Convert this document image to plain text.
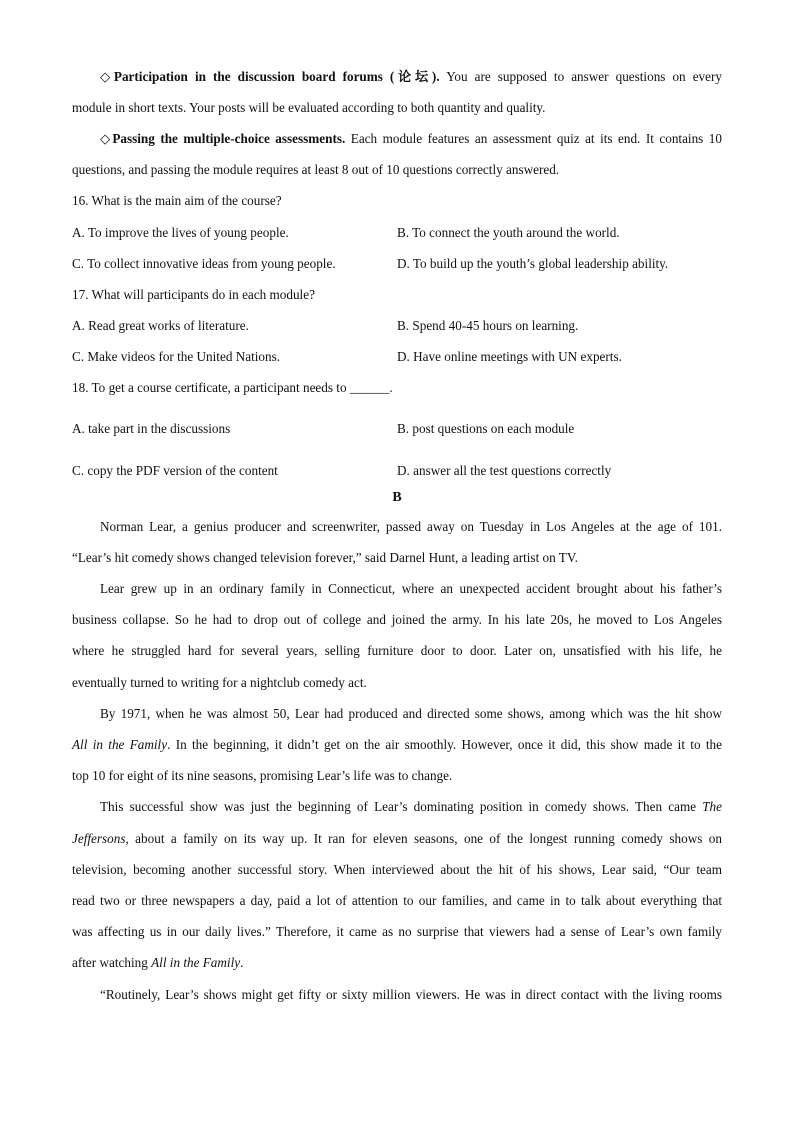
◇Participation in the discussion board forums (论坛). You are supposed to answer questions on every
module in short texts. Your posts will be evaluated according to both quantity and quality.
◇Passing the multiple-choice assessments. Each module features an assessment quiz at its end. It contains 10
questions, and passing the module requires at least 8 out of 10 questions correctly answered.
16. What is the main aim of the course?
A. To improve the lives of young people.	B. To connect the youth around the world.
C. To collect innovative ideas from young people.	D. To build up the youth’s global leadership ability.
17. What will participants do in each module?
A. Read great works of literature.	B. Spend 40-45 hours on learning.
C. Make videos for the United Nations.	D. Have online meetings with UN experts.
18. To get a course certificate, a participant needs to ______.
A. take part in the discussions	B. post questions on each module
C. copy the PDF version of the content	D. answer all the test questions correctly
B
Norman Lear, a genius producer and screenwriter, passed away on Tuesday in Los Angeles at the age of 101.
“Lear’s hit comedy shows changed television forever,” said Darnel Hunt, a leading artist on TV.
Lear grew up in an ordinary family in Connecticut, where an unexpected accident brought about his father’s
business collapse. So he had to drop out of college and joined the army. In his late 20s, he moved to Los Angeles
where he struggled hard for several years, selling furniture door to door. Later on, unsatisfied with his life, he
eventually turned to writing for a nightclub comedy act.
By 1971, when he was almost 50, Lear had produced and directed some shows, among which was the hit show
All in the Family. In the beginning, it didn’t get on the air smoothly. However, once it did, this show made it to the
top 10 for eight of its nine seasons, promising Lear’s life was to change.
This successful show was just the beginning of Lear’s dominating position in comedy shows. Then came The
Jeffersons, about a family on its way up. It ran for eleven seasons, one of the longest running comedy shows on
television, becoming another successful story. When interviewed about the hit of his shows, Lear said, “Our team
read two or three newspapers a day, paid a lot of attention to our families, and came in to talk about everything that
was affecting us in our daily lives.” Therefore, it came as no surprise that viewers had a sense of Lear’s own family
after watching All in the Family.
“Routinely, Lear’s shows might get fifty or sixty million viewers. He was in direct contact with the living rooms
